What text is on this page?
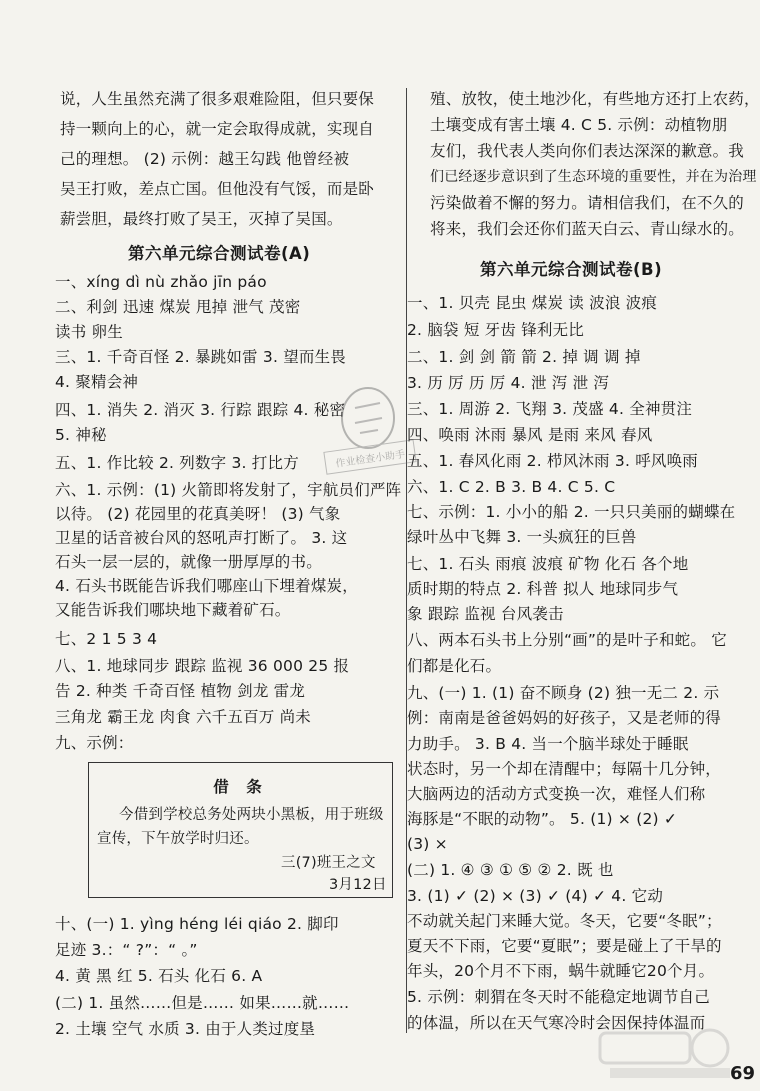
说，人生虽然充满了很多艰难险阻，但只要保
持一颗向上的心，就一定会取得成就，实现自
己的理想。 (2) 示例：越王勾践 他曾经被
吴王打败，差点亡国。但他没有气馁，而是卧
薪尝胆，最终打败了吴王，灭掉了吴国。
第六单元综合测试卷(A)
一、xíng dì nù zhǎo jīn páo
二、利剑 迅速 煤炭 甩掉 泄气 茂密
读书 卵生
三、1. 千奇百怪 2. 暴跳如雷 3. 望而生畏
4. 聚精会神
四、1. 消失 2. 消灭 3. 行踪 跟踪 4. 秘密
5. 神秘
五、1. 作比较 2. 列数字 3. 打比方
六、1. 示例：(1) 火箭即将发射了，宇航员们严阵
以待。 (2) 花园里的花真美呀！ (3) 气象
卫星的话音被台风的怒吼声打断了。 3. 这
石头一层一层的，就像一册厚厚的书。
4. 石头书既能告诉我们哪座山下埋着煤炭，
又能告诉我们哪块地下藏着矿石。
七、2 1 5 3 4
八、1. 地球同步 跟踪 监视 36 000 25 报
告 2. 种类 千奇百怪 植物 剑龙 雷龙
三角龙 霸王龙 肉食 六千五百万 尚未
九、示例：
借 条
今借到学校总务处两块小黑板，用于班级
宣传，下午放学时归还。
三(7)班王之文
3月12日
十、(一) 1. yìng héng léi qiáo 2. 脚印
足迹 3.：“ ?”：“ 。”
4. 黄 黑 红 5. 石头 化石 6. A
(二) 1. 虽然……但是…… 如果……就……
2. 土壤 空气 水质 3. 由于人类过度垦
殖、放牧，使土地沙化，有些地方还打上农药，
土壤变成有害土壤 4. C 5. 示例：动植物朋
友们，我代表人类向你们表达深深的歉意。我
们已经逐步意识到了生态环境的重要性，并在为治理
污染做着不懈的努力。请相信我们，在不久的
将来，我们会还你们蓝天白云、青山绿水的。
第六单元综合测试卷(B)
一、1. 贝壳 昆虫 煤炭 读 波浪 波痕
2. 脑袋 短 牙齿 锋利无比
二、1. 剑 剑 箭 箭 2. 掉 调 调 掉
3. 历 厉 历 厉 4. 泄 泻 泄 泻
三、1. 周游 2. 飞翔 3. 茂盛 4. 全神贯注
四、唤雨 沐雨 暴风 是雨 来风 春风
五、1. 春风化雨 2. 栉风沐雨 3. 呼风唤雨
六、1. C 2. B 3. B 4. C 5. C
七、示例：1. 小小的船 2. 一只只美丽的蝴蝶在
绿叶丛中飞舞 3. 一头疯狂的巨兽
七、1. 石头 雨痕 波痕 矿物 化石 各个地
质时期的特点 2. 科普 拟人 地球同步气
象 跟踪 监视 台风袭击
八、两本石头书上分别“画”的是叶子和蛇。 它
们都是化石。
九、(一) 1. (1) 奋不顾身 (2) 独一无二 2. 示
例：南南是爸爸妈妈的好孩子，又是老师的得
力助手。 3. B 4. 当一个脑半球处于睡眠
状态时，另一个却在清醒中；每隔十几分钟，
大脑两边的活动方式变换一次，难怪人们称
海豚是“不眠的动物”。 5. (1) × (2) ✓
(3) ×
(二) 1. ④ ③ ① ⑤ ② 2. 既 也
3. (1) ✓ (2) × (3) ✓ (4) ✓ 4. 它动
不动就关起门来睡大觉。冬天，它要“冬眠”；
夏天不下雨，它要“夏眠”；要是碰上了干旱的
年头，20个月不下雨，蜗牛就睡它20个月。
5. 示例：刺猬在冬天时不能稳定地调节自己
的体温，所以在天气寒冷时会因保持体温而
作业检查小助手
69
